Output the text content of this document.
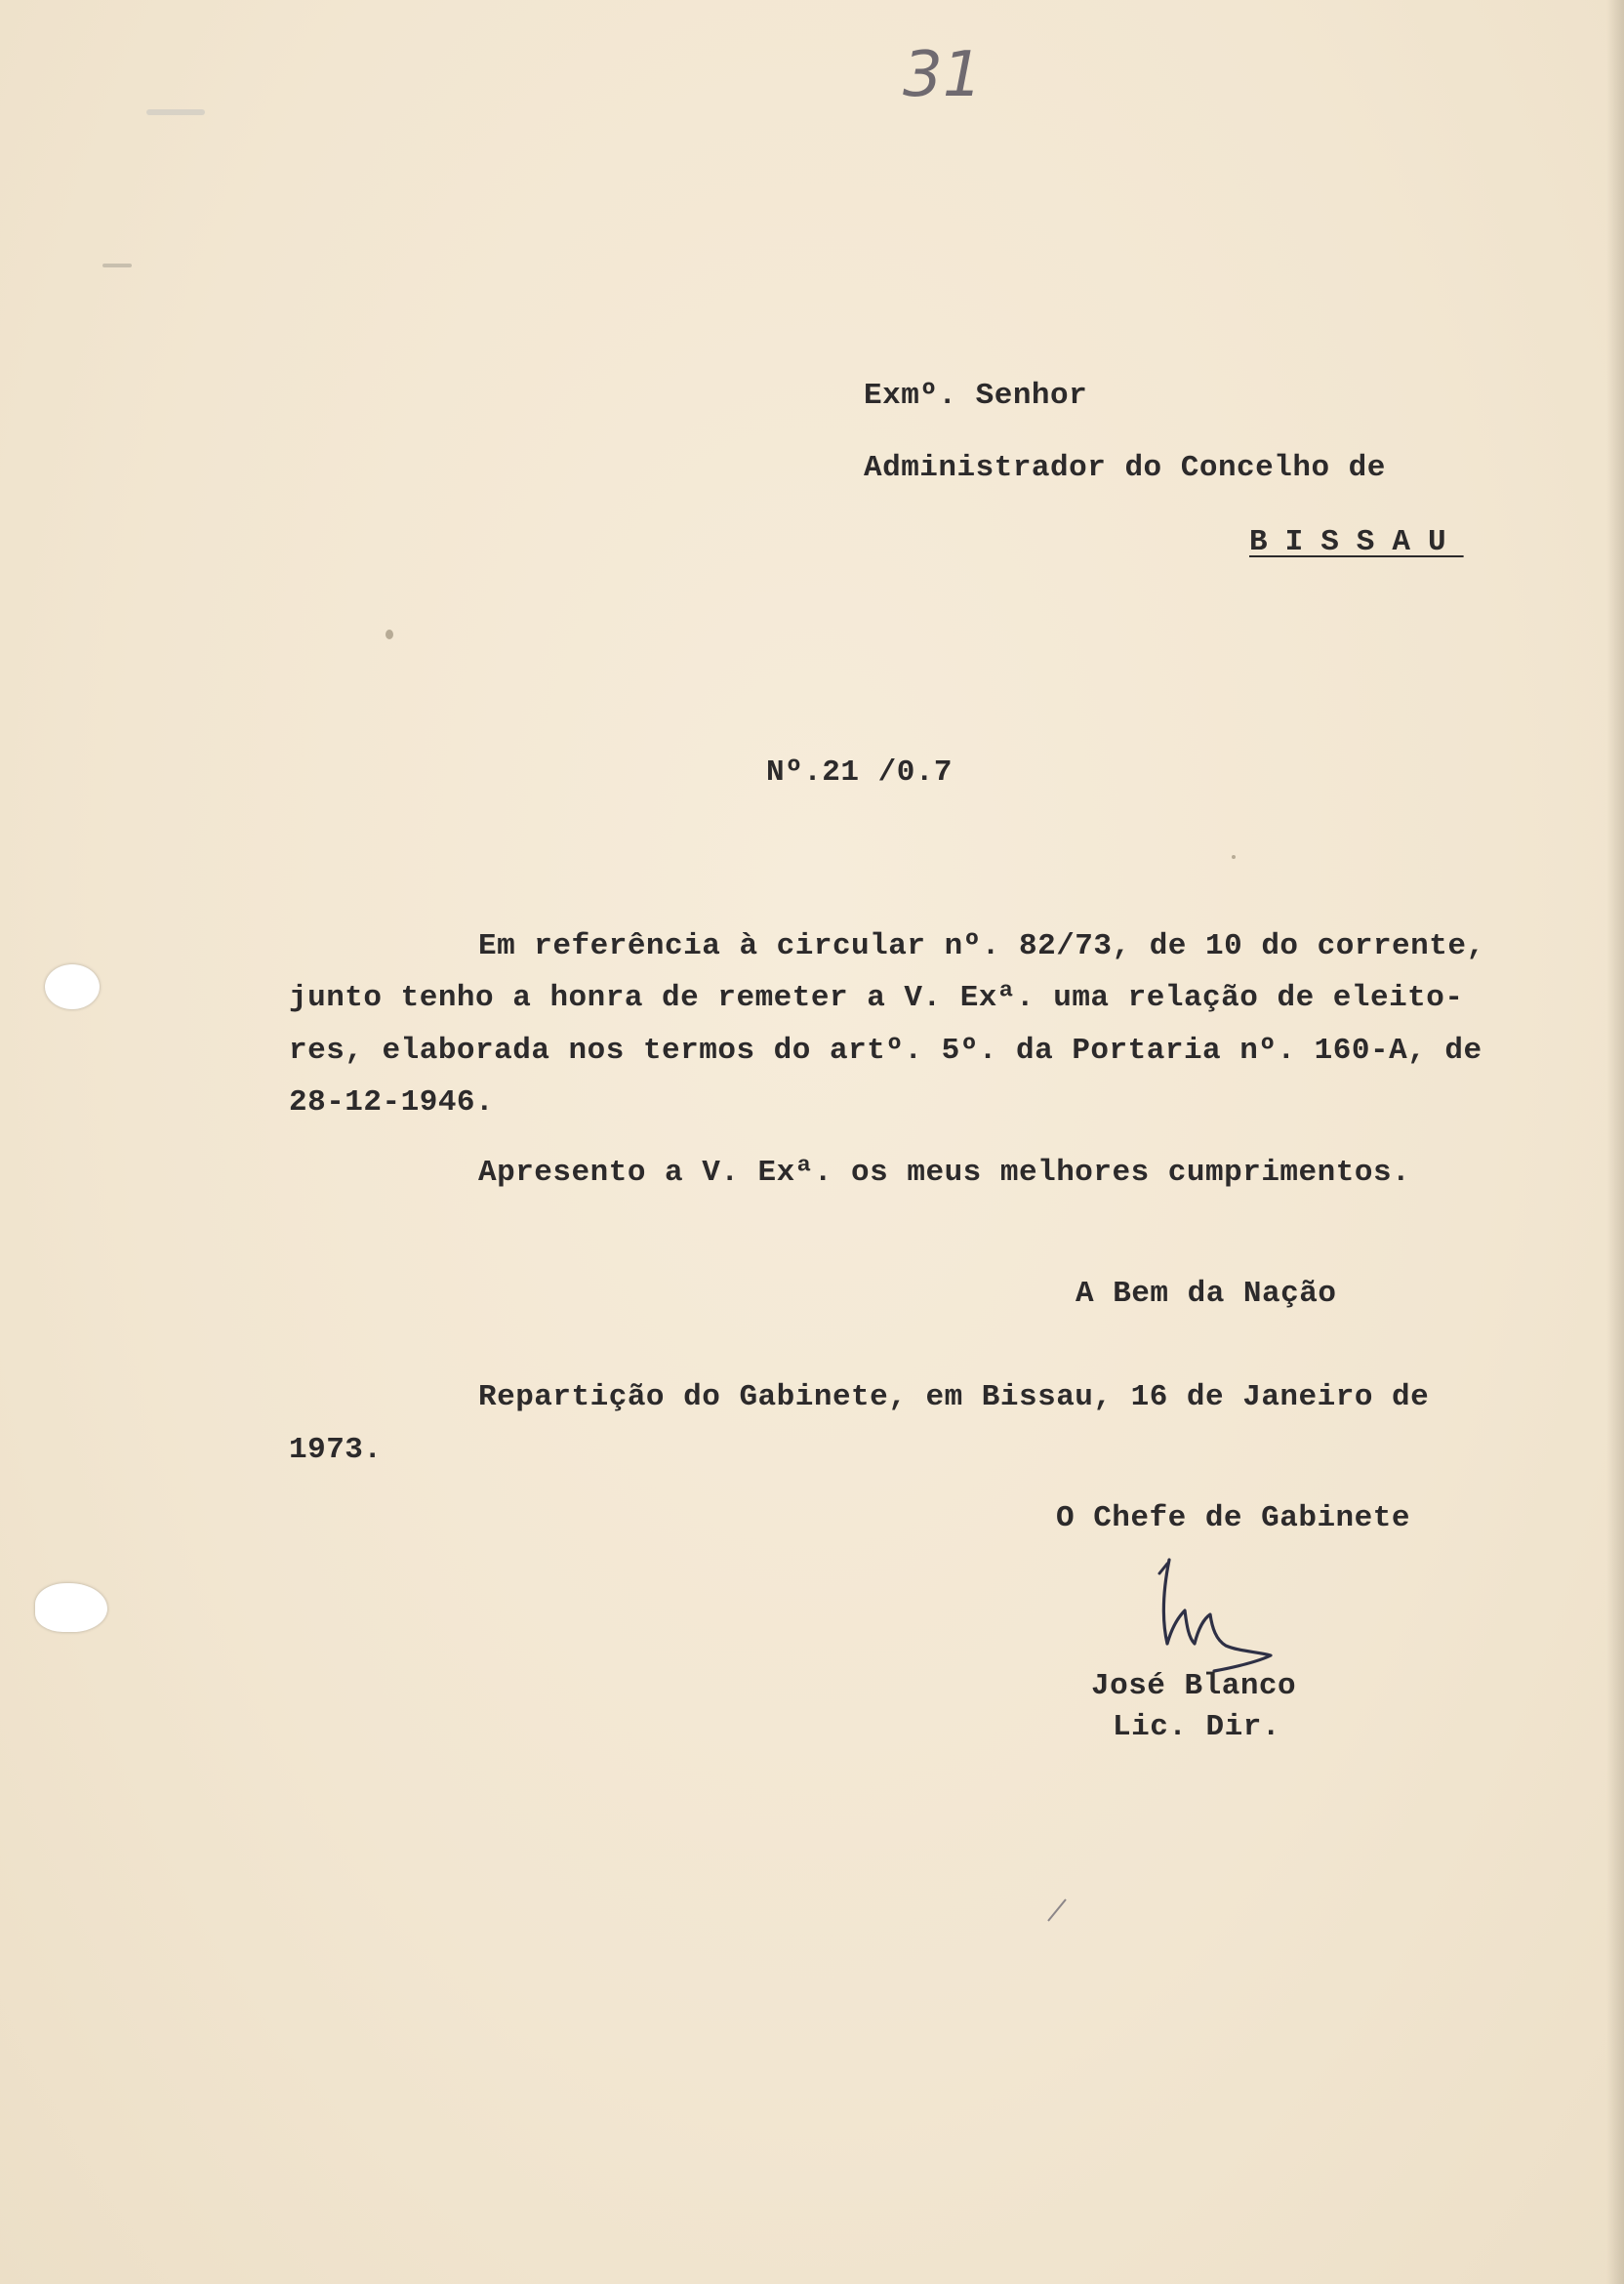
31
Exmº. Senhor
Administrador do Concelho de
BISSAU
Nº.21 /0.7
Em referência à circular nº. 82/73, de 10 do corrente,
junto tenho a honra de remeter a V. Exª. uma relação de eleito-
res, elaborada nos termos do artº. 5º. da Portaria nº. 160-A, de
28-12-1946.
Apresento a V. Exª. os meus melhores cumprimentos.
A Bem da Nação
Repartição do Gabinete, em Bissau, 16 de Janeiro de
1973.
O Chefe de Gabinete
José Blanco
Lic. Dir.
